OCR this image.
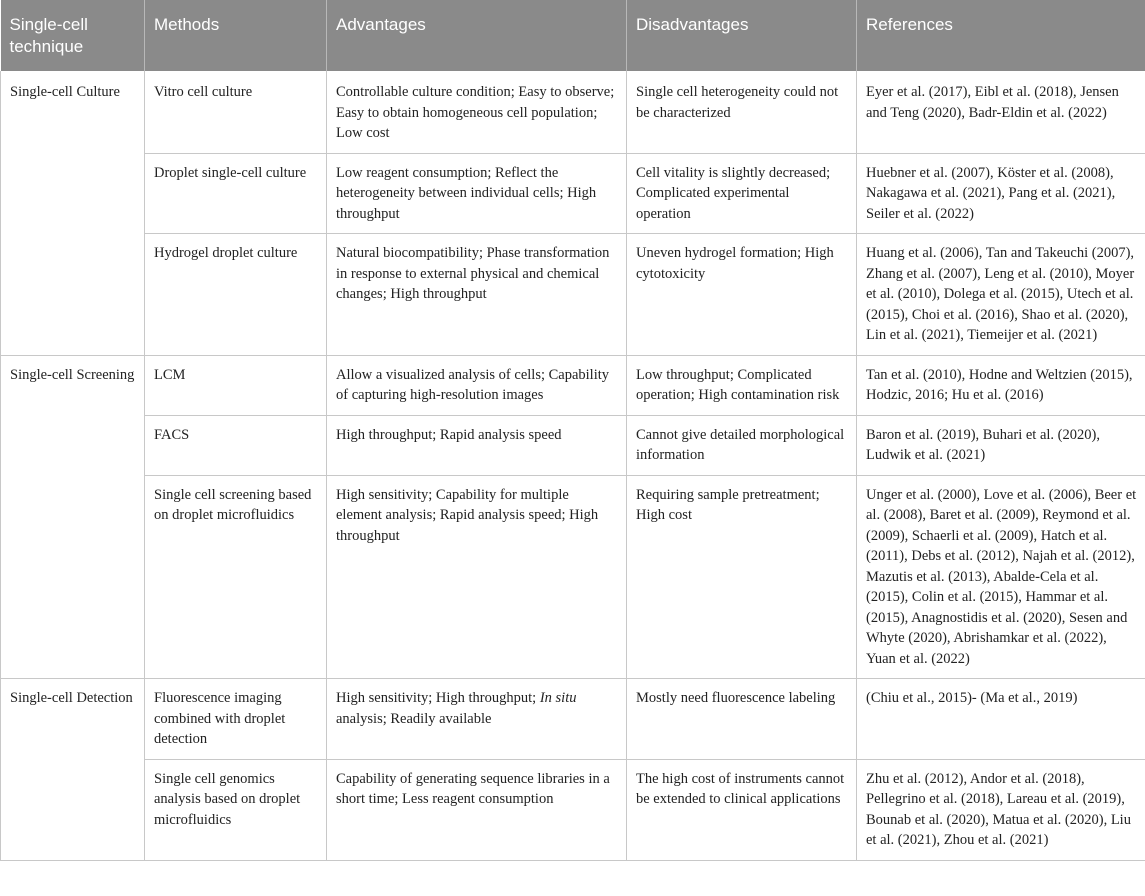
Single-cell technique	Methods	Advantages	Disadvantages	References
Single-cell Culture	Vitro cell culture	Controllable culture condition; Easy to observe; Easy to obtain homogeneous cell population; Low cost	Single cell heterogeneity could not be characterized	Eyer et al. (2017), Eibl et al. (2018), Jensen and Teng (2020), Badr-Eldin et al. (2022)
	Droplet single-cell culture	Low reagent consumption; Reflect the heterogeneity between individual cells; High throughput	Cell vitality is slightly decreased; Complicated experimental operation	Huebner et al. (2007), Köster et al. (2008), Nakagawa et al. (2021), Pang et al. (2021), Seiler et al. (2022)
	Hydrogel droplet culture	Natural biocompatibility; Phase transformation in response to external physical and chemical changes; High throughput	Uneven hydrogel formation; High cytotoxicity	Huang et al. (2006), Tan and Takeuchi (2007), Zhang et al. (2007), Leng et al. (2010), Moyer et al. (2010), Dolega et al. (2015), Utech et al. (2015), Choi et al. (2016), Shao et al. (2020), Lin et al. (2021), Tiemeijer et al. (2021)
Single-cell Screening	LCM	Allow a visualized analysis of cells; Capability of capturing high-resolution images	Low throughput; Complicated operation; High contamination risk	Tan et al. (2010), Hodne and Weltzien (2015), Hodzic, 2016; Hu et al. (2016)
	FACS	High throughput; Rapid analysis speed	Cannot give detailed morphological information	Baron et al. (2019), Buhari et al. (2020), Ludwik et al. (2021)
	Single cell screening based on droplet microfluidics	High sensitivity; Capability for multiple element analysis; Rapid analysis speed; High throughput	Requiring sample pretreatment; High cost	Unger et al. (2000), Love et al. (2006), Beer et al. (2008), Baret et al. (2009), Reymond et al. (2009), Schaerli et al. (2009), Hatch et al. (2011), Debs et al. (2012), Najah et al. (2012), Mazutis et al. (2013), Abalde-Cela et al. (2015), Colin et al. (2015), Hammar et al. (2015), Anagnostidis et al. (2020), Sesen and Whyte (2020), Abrishamkar et al. (2022), Yuan et al. (2022)
Single-cell Detection	Fluorescence imaging combined with droplet detection	High sensitivity; High throughput; In situ analysis; Readily available	Mostly need fluorescence labeling	(Chiu et al., 2015)- (Ma et al., 2019)
	Single cell genomics analysis based on droplet microfluidics	Capability of generating sequence libraries in a short time; Less reagent consumption	The high cost of instruments cannot be extended to clinical applications	Zhu et al. (2012), Andor et al. (2018), Pellegrino et al. (2018), Lareau et al. (2019), Bounab et al. (2020), Matua et al. (2020), Liu et al. (2021), Zhou et al. (2021)
